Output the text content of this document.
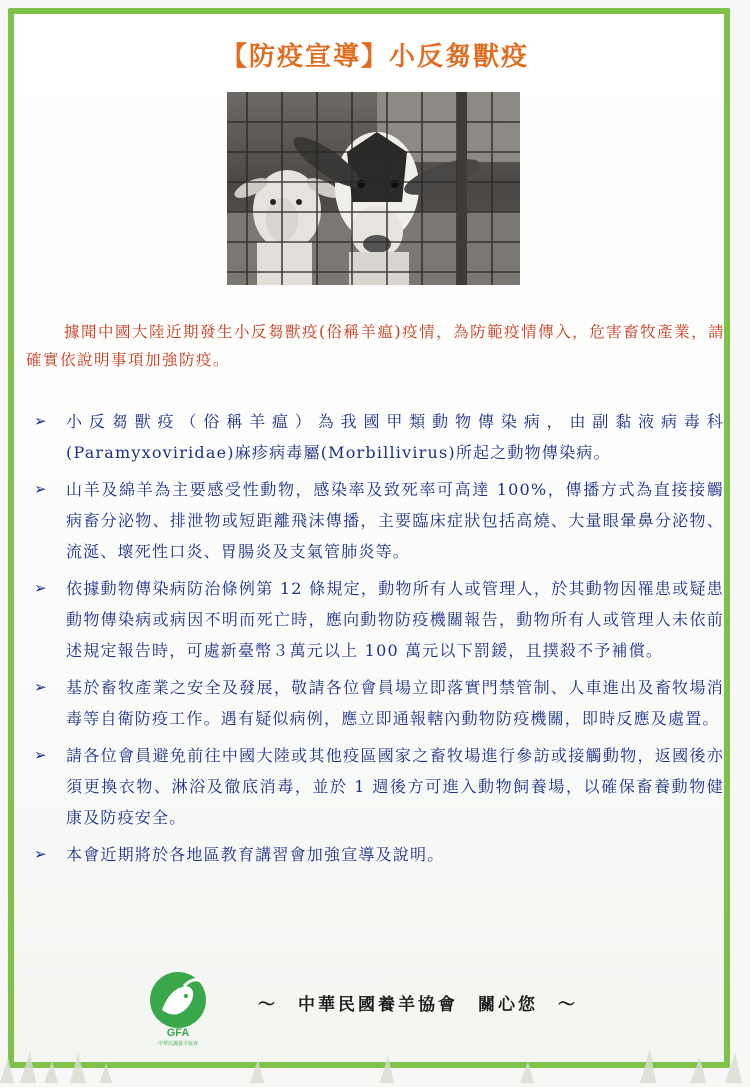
【防疫宣導】小反芻獸疫

據聞中國大陸近期發生小反芻獸疫(俗稱羊瘟)疫情，為防範疫情傳入，危害畜牧產業，請確實依說明事項加強防疫。

➢ 小反芻獸疫（俗稱羊瘟）為我國甲類動物傳染病，由副黏液病毒科(Paramyxoviridae)麻疹病毒屬(Morbillivirus)所起之動物傳染病。
➢ 山羊及綿羊為主要感受性動物，感染率及致死率可高達 100%，傳播方式為直接接觸病畜分泌物、排泄物或短距離飛沫傳播，主要臨床症狀包括高燒、大量眼暈鼻分泌物、流涎、壞死性口炎、胃腸炎及支氣管肺炎等。
➢ 依據動物傳染病防治條例第 12 條規定，動物所有人或管理人，於其動物因罹患或疑患動物傳染病或病因不明而死亡時，應向動物防疫機關報告，動物所有人或管理人未依前述規定報告時，可處新臺幣３萬元以上 100 萬元以下罰鍰，且撲殺不予補償。
➢ 基於畜牧產業之安全及發展，敬請各位會員場立即落實門禁管制、人車進出及畜牧場消毒等自衛防疫工作。遇有疑似病例，應立即通報轄內動物防疫機關，即時反應及處置。
➢ 請各位會員避免前往中國大陸或其他疫區國家之畜牧場進行參訪或接觸動物，返國後亦須更換衣物、淋浴及徹底消毒，並於 1 週後方可進入動物飼養場，以確保畜養動物健康及防疫安全。
➢ 本會近期將於各地區教育講習會加強宣導及說明。
GFA
中華民國養羊協會
～　中華民國養羊協會　關心您　～
